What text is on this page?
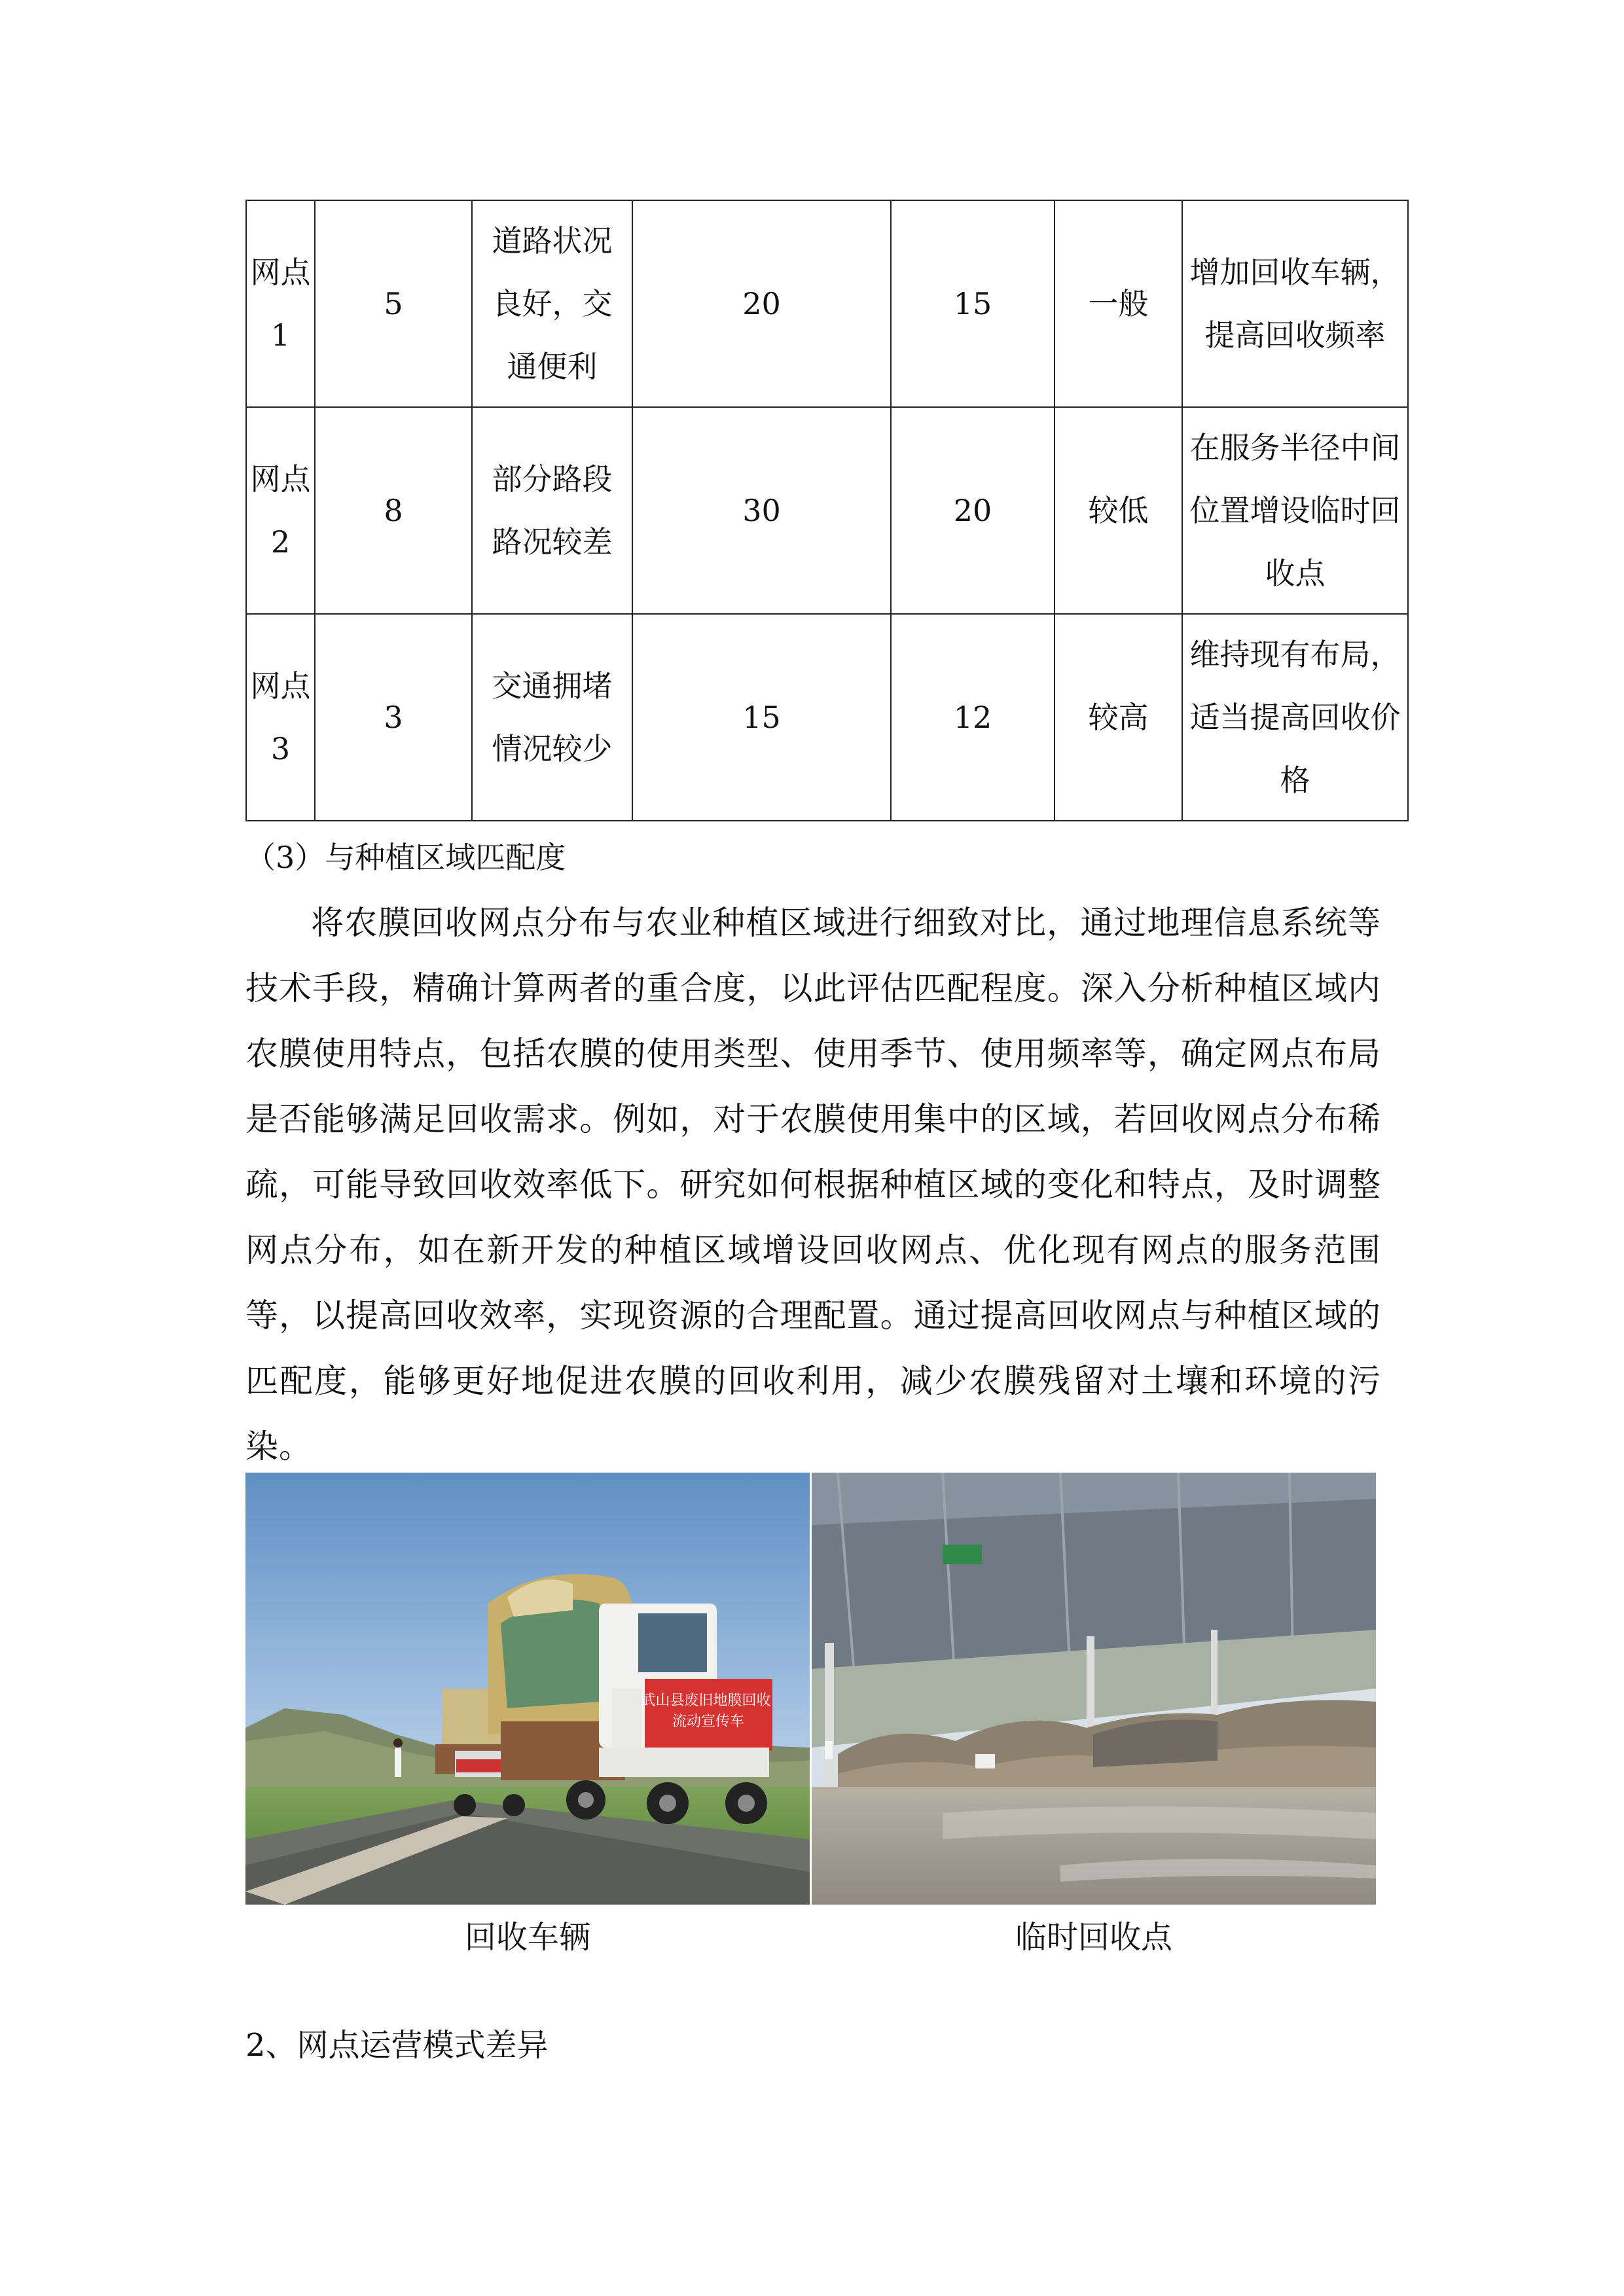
网点1	5	道路状况良好，交通便利	20	15	一般	增加回收车辆，提高回收频率

网点2	8	部分路段路况较差	30	20	较低	在服务半径中间位置增设临时回收点

网点3	3	交通拥堵情况较少	15	12	较高	维持现有布局，适当提高回收价格

（3）与种植区域匹配度

将农膜回收网点分布与农业种植区域进行细致对比，通过地理信息系统等技术手段，精确计算两者的重合度，以此评估匹配程度。深入分析种植区域内农膜使用特点，包括农膜的使用类型、使用季节、使用频率等，确定网点布局是否能够满足回收需求。例如，对于农膜使用集中的区域，若回收网点分布稀疏，可能导致回收效率低下。研究如何根据种植区域的变化和特点，及时调整网点分布，如在新开发的种植区域增设回收网点、优化现有网点的服务范围等，以提高回收效率，实现资源的合理配置。通过提高回收网点与种植区域的匹配度，能够更好地促进农膜的回收利用，减少农膜残留对土壤和环境的污染。

武山县废旧地膜回收 流动宣传车
回收车辆	临时回收点

2、网点运营模式差异
